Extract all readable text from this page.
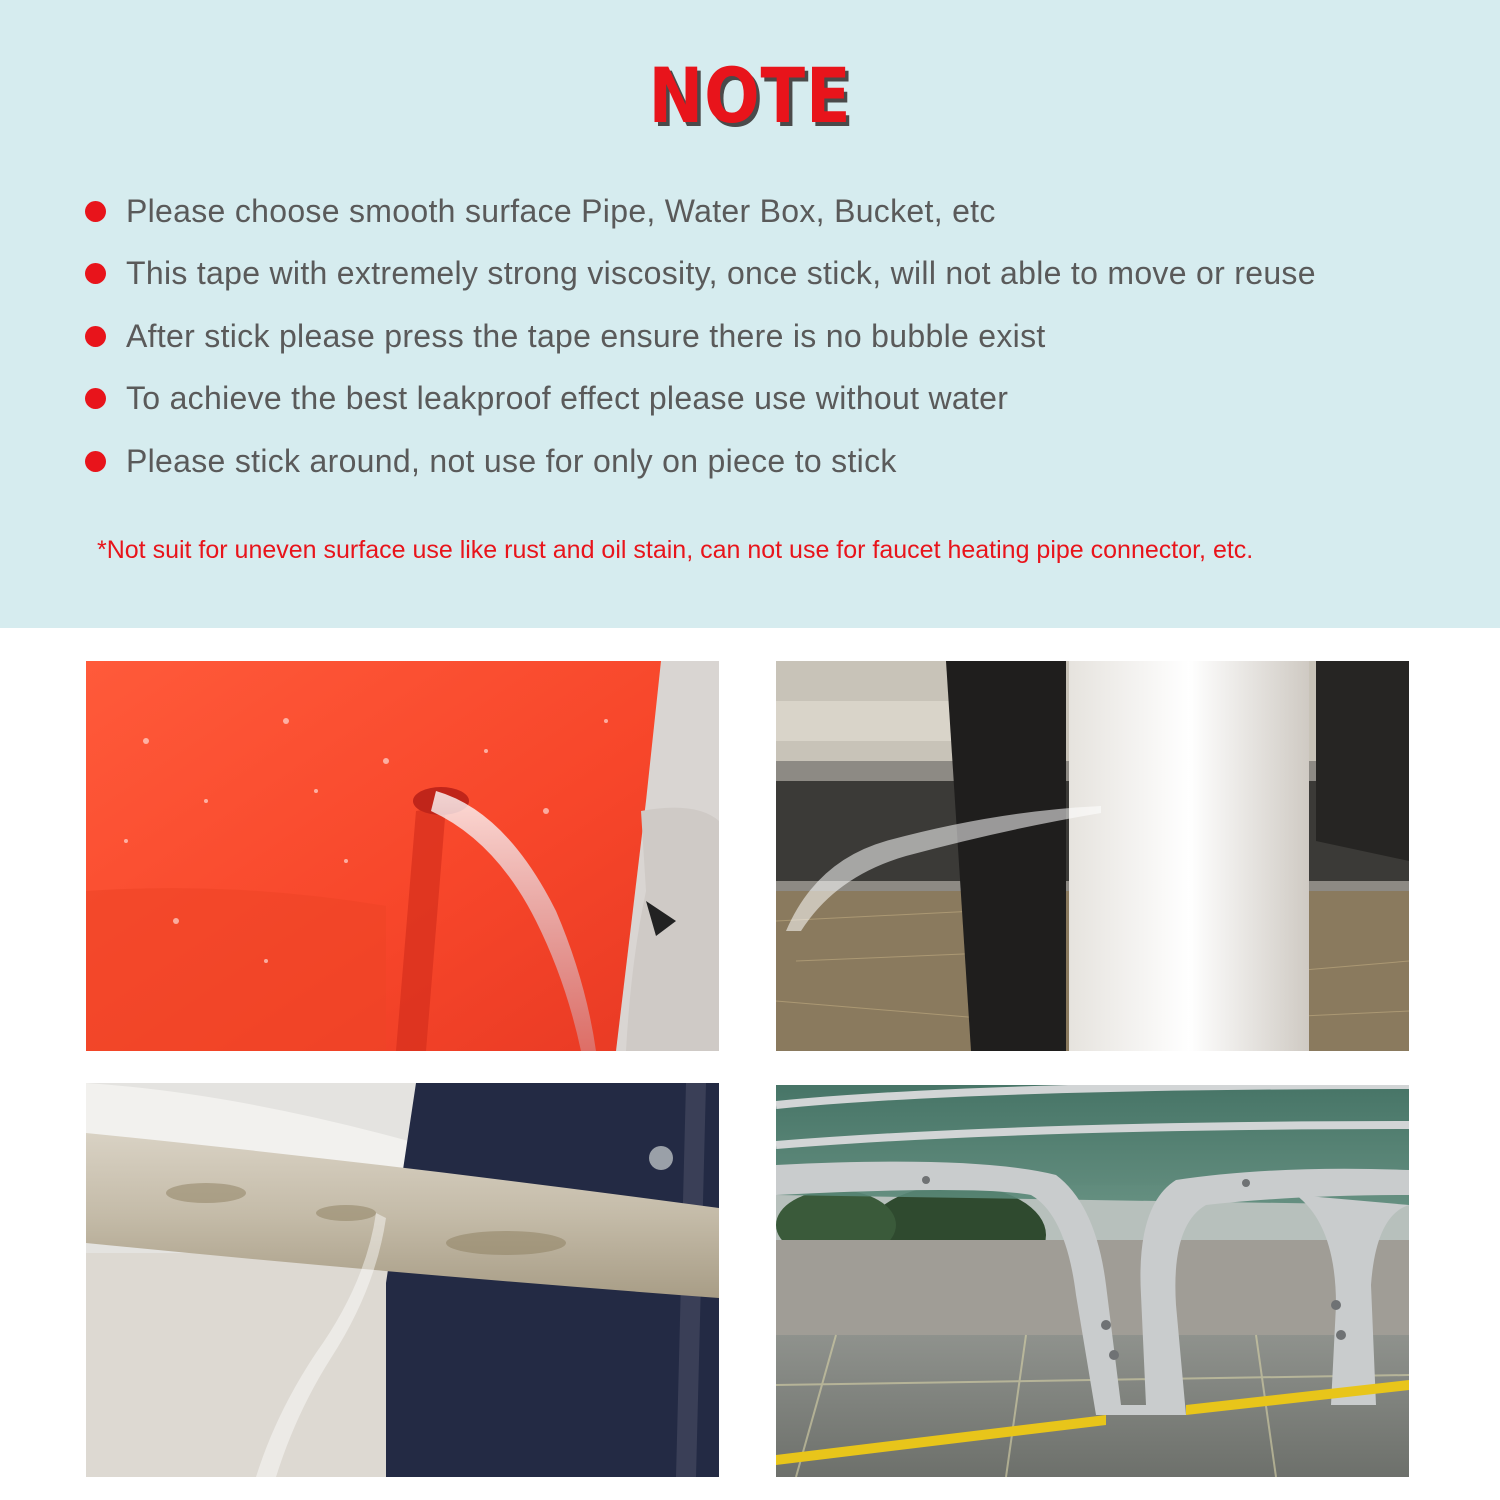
NOTE
Please choose smooth surface Pipe, Water Box, Bucket, etc
This tape with extremely strong viscosity, once stick, will not able to move or reuse
After stick please press the tape ensure there is no bubble exist
To achieve the best leakproof effect please use without water
Please stick around, not use for only on piece to stick
*Not suit for uneven surface use like rust and oil stain, can not use for faucet heating pipe connector, etc.
